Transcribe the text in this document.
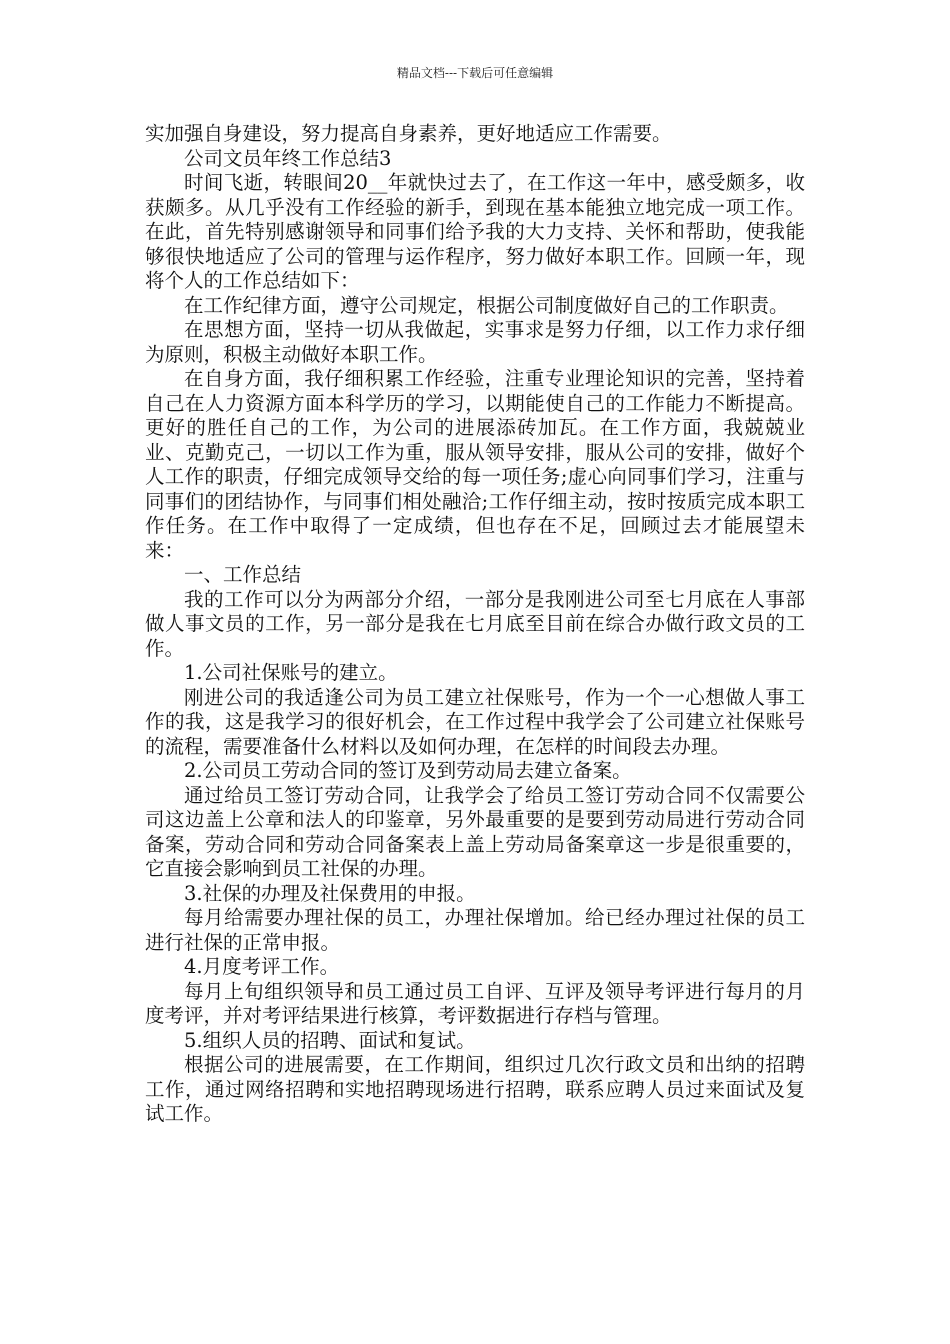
精品文档---下载后可任意编辑

实加强自身建设，努力提高自身素养，更好地适应工作需要。

公司文员年终工作总结3

时间飞逝，转眼间20__年就快过去了，在工作这一年中，感受颇多，收获颇多。从几乎没有工作经验的新手，到现在基本能独立地完成一项工作。在此，首先特别感谢领导和同事们给予我的大力支持、关怀和帮助，使我能够很快地适应了公司的管理与运作程序，努力做好本职工作。回顾一年，现将个人的工作总结如下：

在工作纪律方面，遵守公司规定，根据公司制度做好自己的工作职责。

在思想方面，坚持一切从我做起，实事求是努力仔细，以工作力求仔细为原则，积极主动做好本职工作。

在自身方面，我仔细积累工作经验，注重专业理论知识的完善，坚持着自己在人力资源方面本科学历的学习，以期能使自己的工作能力不断提高。更好的胜任自己的工作，为公司的进展添砖加瓦。在工作方面，我兢兢业业、克勤克己，一切以工作为重，服从领导安排，服从公司的安排，做好个人工作的职责，仔细完成领导交给的每一项任务;虚心向同事们学习，注重与同事们的团结协作，与同事们相处融洽;工作仔细主动，按时按质完成本职工作任务。在工作中取得了一定成绩，但也存在不足，回顾过去才能展望未来：

一、工作总结

我的工作可以分为两部分介绍，一部分是我刚进公司至七月底在人事部做人事文员的工作，另一部分是我在七月底至目前在综合办做行政文员的工作。

1.公司社保账号的建立。

刚进公司的我适逢公司为员工建立社保账号，作为一个一心想做人事工作的我，这是我学习的很好机会，在工作过程中我学会了公司建立社保账号的流程，需要准备什么材料以及如何办理，在怎样的时间段去办理。

2.公司员工劳动合同的签订及到劳动局去建立备案。

通过给员工签订劳动合同，让我学会了给员工签订劳动合同不仅需要公司这边盖上公章和法人的印鉴章，另外最重要的是要到劳动局进行劳动合同备案，劳动合同和劳动合同备案表上盖上劳动局备案章这一步是很重要的，它直接会影响到员工社保的办理。

3.社保的办理及社保费用的申报。

每月给需要办理社保的员工，办理社保增加。给已经办理过社保的员工进行社保的正常申报。

4.月度考评工作。

每月上旬组织领导和员工通过员工自评、互评及领导考评进行每月的月度考评，并对考评结果进行核算，考评数据进行存档与管理。

5.组织人员的招聘、面试和复试。

根据公司的进展需要，在工作期间，组织过几次行政文员和出纳的招聘工作，通过网络招聘和实地招聘现场进行招聘，联系应聘人员过来面试及复试工作。
